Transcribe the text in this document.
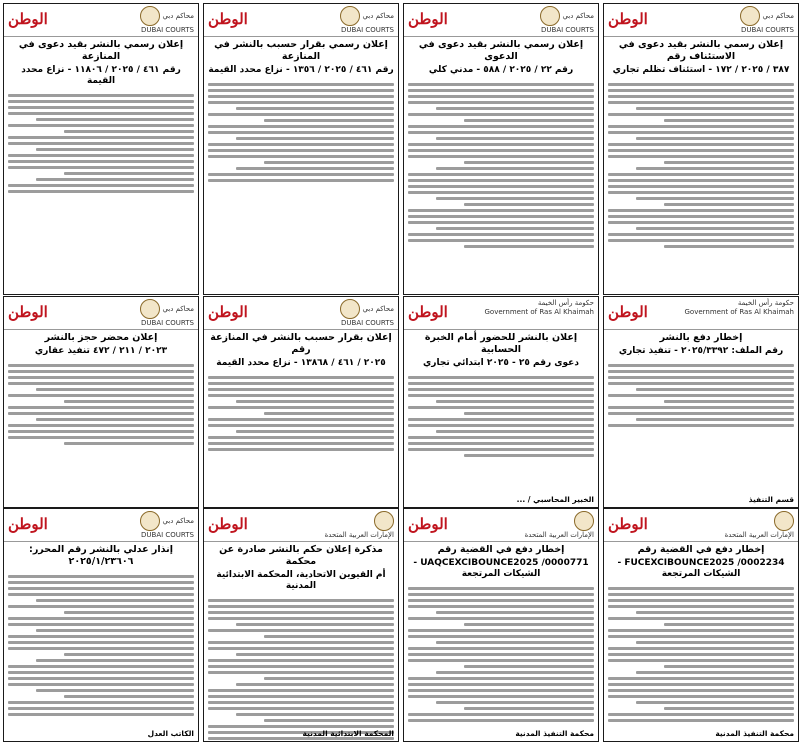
الوطن	محاكم دبي
DUBAI COURTS
إعلان رسمي بالنشر بقيد دعوى في الاستئناف رقم
٣٨٧ / ٢٠٢٥ / ١٧٢ - استئناف تظلم تجاري
الوطن	محاكم دبي
DUBAI COURTS
إعلان رسمي بالنشر بقيد دعوى في الدعوى
رقم ٢٢ / ٢٠٢٥ / ٥٨٨ - مدني كلي
الوطن	محاكم دبي
DUBAI COURTS
إعلان رسمي بقرار حسبب بالنشر في المنازعة
رقم ٤٦١ / ٢٠٢٥ / ١٣٥٦ - نزاع محدد القيمة
الوطن	محاكم دبي
DUBAI COURTS
إعلان رسمي بالنشر بقيد دعوى في المنازعة
رقم ٤٦١ / ٢٠٢٥ / ١١٨٠٦ - نزاع محدد القيمة
الوطن	حكومة رأس الخيمة
Government of Ras Al Khaimah
إخطار دفع بالنشر
رقم الملف: ٢٠٢٥/٣٣٩٢ - تنفيذ تجاري
قسم التنفيذ
الوطن	حكومة رأس الخيمة
Government of Ras Al Khaimah
إعلان بالنشر للحضور أمام الخبرة الحسابية
دعوى رقم ٢٥ - ٢٠٢٥ ابتدائي تجاري
الخبير المحاسبي / ...
الوطن	محاكم دبي
DUBAI COURTS
إعلان بقرار حسبب بالنشر في المنازعة رقم
٢٠٢٥ / ٤٦١ / ١٣٨٦٨ - نزاع محدد القيمة
الوطن	محاكم دبي
DUBAI COURTS
إعلان محضر حجز بالنشر
٢٠٢٣ / ٢١١ / ٤٧٢ تنفيذ عقاري
الوطن

الإمارات العربية المتحدة
إخطار دفع في القضية رقم
FUCEXCIBOUNCE2025 /0002234 - الشيكات المرتجعة
محكمة التنفيذ المدنية
الوطن

الإمارات العربية المتحدة
إخطار دفع في القضية رقم
UAQCEXCIBOUNCE2025 /0000771 - الشيكات المرتجعة
محكمة التنفيذ المدنية
الوطن

الإمارات العربية المتحدة
مذكرة إعلان حكم بالنشر صادرة عن محكمة
أم القيوين الاتحادية، المحكمة الابتدائية المدنية
المحكمة الابتدائية المدنية
الوطن	محاكم دبي
DUBAI COURTS
إنذار عدلي بالنشر رقم المحرر: ٢٠٢٥/١/٢٣٦٠٦
الكاتب العدل
